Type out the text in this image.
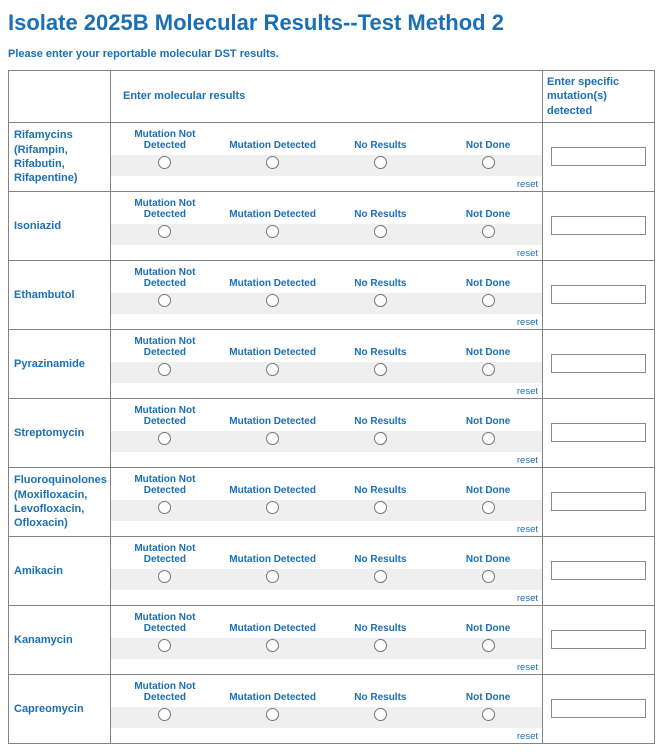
Isolate 2025B Molecular Results--Test Method 2

Please enter your reportable molecular DST results.

	Enter molecular results	Enter specific mutation(s) detected
Rifamycins (Rifampin, Rifabutin, Rifapentine)	Mutation Not Detected Mutation Detected No Results Not Done
reset

Isoniazid	Mutation Not Detected Mutation Detected No Results Not Done
reset

Ethambutol	Mutation Not Detected Mutation Detected No Results Not Done
reset

Pyrazinamide	Mutation Not Detected Mutation Detected No Results Not Done
reset

Streptomycin	Mutation Not Detected Mutation Detected No Results Not Done
reset

Fluoroquinolones (Moxifloxacin, Levofloxacin, Ofloxacin)	Mutation Not Detected Mutation Detected No Results Not Done
reset

Amikacin	Mutation Not Detected Mutation Detected No Results Not Done
reset

Kanamycin	Mutation Not Detected Mutation Detected No Results Not Done
reset

Capreomycin	Mutation Not Detected Mutation Detected No Results Not Done
reset
